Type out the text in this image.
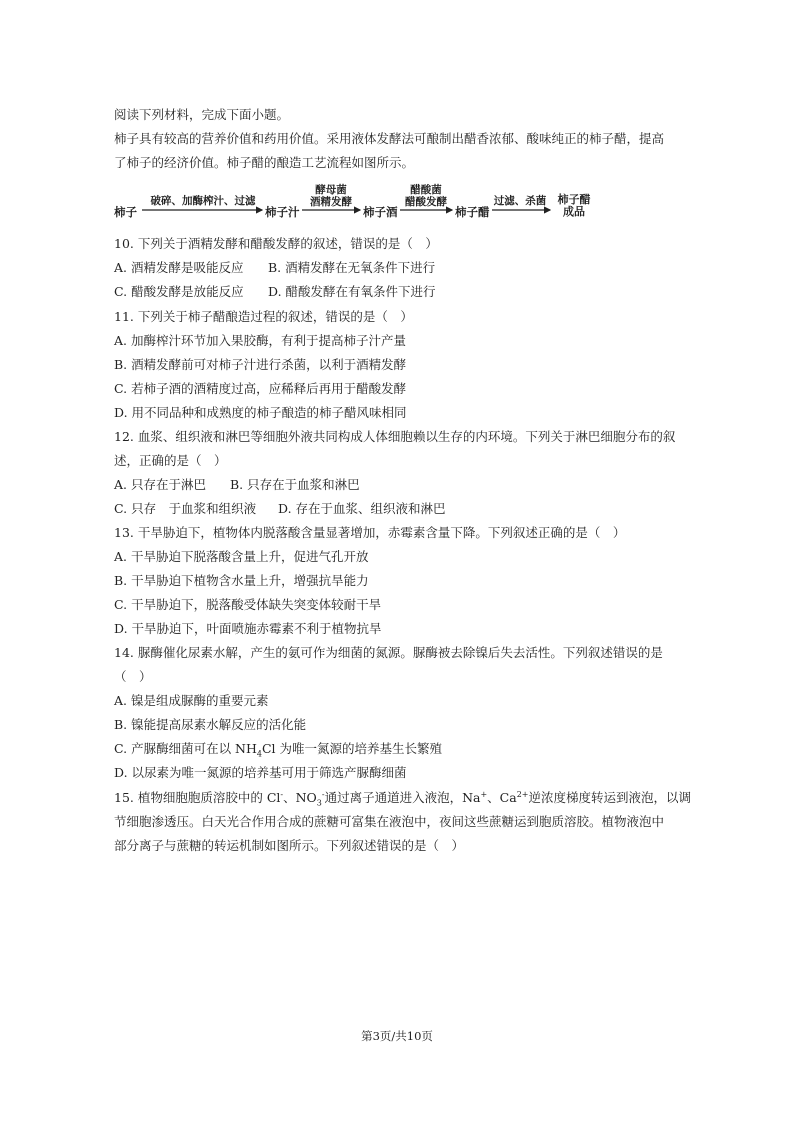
阅读下列材料，完成下面小题。
柿子具有较高的营养价值和药用价值。采用液体发酵法可酿制出醋香浓郁、酸味纯正的柿子醋，提高
了柿子的经济价值。柿子醋的酿造工艺流程如图所示。
柿子
破碎、加酶榨汁、过滤
柿子汁
酵母菌
酒精发酵
柿子酒
醋酸菌
醋酸发酵
柿子醋
过滤、杀菌	柿子醋
成品
10. 下列关于酒精发酵和醋酸发酵的叙述，错误的是（　）
A. 酒精发酵是吸能反应 B. 酒精发酵在无氧条件下进行
C. 醋酸发酵是放能反应 D. 醋酸发酵在有氧条件下进行
11. 下列关于柿子醋酿造过程的叙述，错误的是（　）
A. 加酶榨汁环节加入果胶酶，有利于提高柿子汁产量
B. 酒精发酵前可对柿子汁进行杀菌，以利于酒精发酵
C. 若柿子酒的酒精度过高，应稀释后再用于醋酸发酵
D. 用不同品种和成熟度的柿子酿造的柿子醋风味相同
12. 血浆、组织液和淋巴等细胞外液共同构成人体细胞赖以生存的内环境。下列关于淋巴细胞分布的叙
述，正确的是（　）
A. 只存在于淋巴 B. 只存在于血浆和淋巴
C. 只存　于血浆和组织液 D. 存在于血浆、组织液和淋巴
13. 干旱胁迫下，植物体内脱落酸含量显著增加，赤霉素含量下降。下列叙述正确的是（　）
A. 干旱胁迫下脱落酸含量上升，促进气孔开放
B. 干旱胁迫下植物含水量上升，增强抗旱能力
C. 干旱胁迫下，脱落酸受体缺失突变体较耐干旱
D. 干旱胁迫下，叶面喷施赤霉素不利于植物抗旱
14. 脲酶催化尿素水解，产生的氨可作为细菌的氮源。脲酶被去除镍后失去活性。下列叙述错误的是
（　）
A. 镍是组成脲酶的重要元素
B. 镍能提高尿素水解反应的活化能
C. 产脲酶细菌可在以 $NH_4Cl$ 为唯一氮源的培养基生长繁殖
D. 以尿素为唯一氮源的培养基可用于筛选产脲酶细菌
15. 植物细胞胞质溶胶中的 Cl-、$NO_3^-$通过离子通道进入液泡，Na+、$Ca^{2+}$逆浓度梯度转运到液泡，以调
节细胞渗透压。白天光合作用合成的蔗糖可富集在液泡中，夜间这些蔗糖运到胞质溶胶。植物液泡中
部分离子与蔗糖的转运机制如图所示。下列叙述错误的是（　）
第3页/共10页
